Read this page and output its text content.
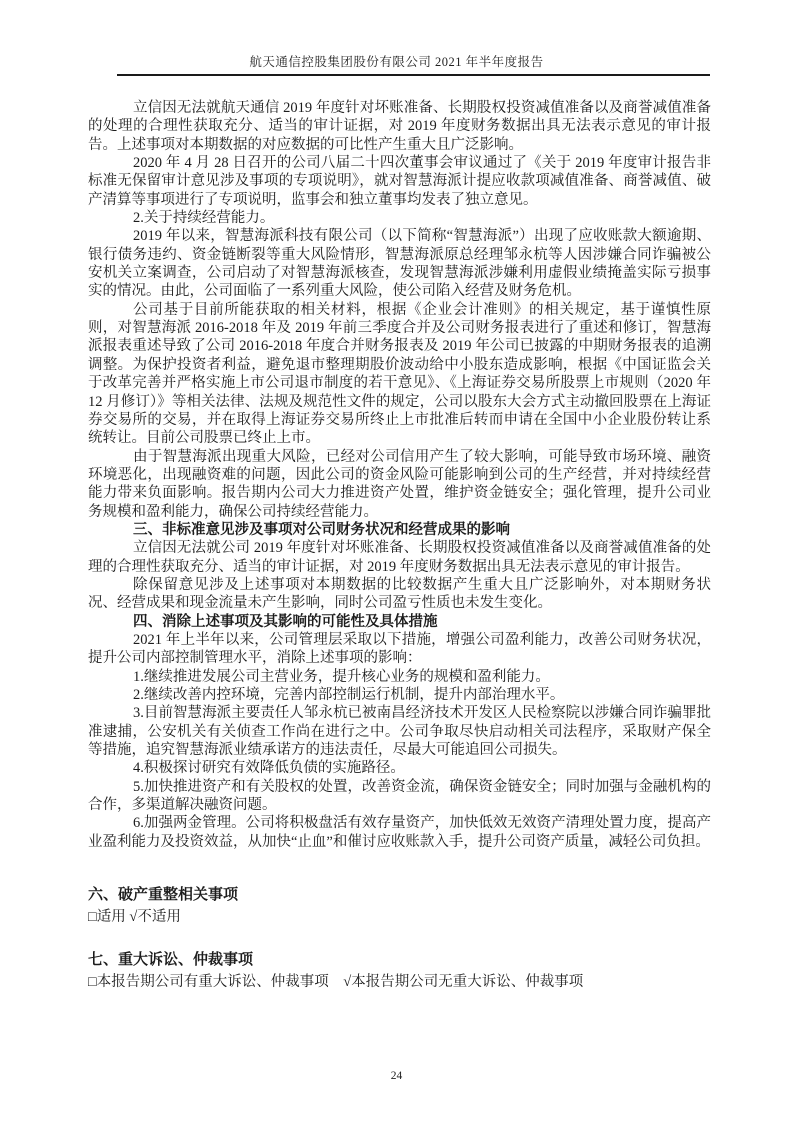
航天通信控股集团股份有限公司 2021 年半年度报告
立信因无法就航天通信 2019 年度针对坏账准备、长期股权投资减值准备以及商誉减值准备的处理的合理性获取充分、适当的审计证据，对 2019 年度财务数据出具无法表示意见的审计报告。上述事项对本期数据的对应数据的可比性产生重大且广泛影响。
2020 年 4 月 28 日召开的公司八届二十四次董事会审议通过了《关于 2019 年度审计报告非标准无保留审计意见涉及事项的专项说明》，就对智慧海派计提应收款项减值准备、商誉减值、破产清算等事项进行了专项说明，监事会和独立董事均发表了独立意见。
2.关于持续经营能力。
2019 年以来，智慧海派科技有限公司（以下简称“智慧海派”）出现了应收账款大额逾期、银行债务违约、资金链断裂等重大风险情形，智慧海派原总经理邹永杭等人因涉嫌合同诈骗被公安机关立案调查，公司启动了对智慧海派核查，发现智慧海派涉嫌利用虚假业绩掩盖实际亏损事实的情况。由此，公司面临了一系列重大风险，使公司陷入经营及财务危机。
公司基于目前所能获取的相关材料，根据《企业会计准则》的相关规定，基于谨慎性原则，对智慧海派 2016-2018 年及 2019 年前三季度合并及公司财务报表进行了重述和修订，智慧海派报表重述导致了公司 2016-2018 年度合并财务报表及 2019 年公司已披露的中期财务报表的追溯调整。为保护投资者利益，避免退市整理期股价波动给中小股东造成影响，根据《中国证监会关于改革完善并严格实施上市公司退市制度的若干意见》、《上海证券交易所股票上市规则（2020 年 12 月修订）》等相关法律、法规及规范性文件的规定，公司以股东大会方式主动撤回股票在上海证券交易所的交易，并在取得上海证券交易所终止上市批准后转而申请在全国中小企业股份转让系统转让。目前公司股票已终止上市。
由于智慧海派出现重大风险，已经对公司信用产生了较大影响，可能导致市场环境、融资环境恶化，出现融资难的问题，因此公司的资金风险可能影响到公司的生产经营，并对持续经营能力带来负面影响。报告期内公司大力推进资产处置，维护资金链安全；强化管理，提升公司业务规模和盈利能力，确保公司持续经营能力。
三、非标准意见涉及事项对公司财务状况和经营成果的影响
立信因无法就公司 2019 年度针对坏账准备、长期股权投资减值准备以及商誉减值准备的处理的合理性获取充分、适当的审计证据，对 2019 年度财务数据出具无法表示意见的审计报告。
除保留意见涉及上述事项对本期数据的比较数据产生重大且广泛影响外，对本期财务状况、经营成果和现金流量未产生影响，同时公司盈亏性质也未发生变化。
四、消除上述事项及其影响的可能性及具体措施
2021 年上半年以来，公司管理层采取以下措施，增强公司盈利能力，改善公司财务状况，提升公司内部控制管理水平，消除上述事项的影响：
1.继续推进发展公司主营业务，提升核心业务的规模和盈利能力。
2.继续改善内控环境，完善内部控制运行机制，提升内部治理水平。
3.目前智慧海派主要责任人邹永杭已被南昌经济技术开发区人民检察院以涉嫌合同诈骗罪批准逮捕，公安机关有关侦查工作尚在进行之中。公司争取尽快启动相关司法程序，采取财产保全等措施，追究智慧海派业绩承诺方的违法责任，尽最大可能追回公司损失。
4.积极探讨研究有效降低负债的实施路径。
5.加快推进资产和有关股权的处置，改善资金流，确保资金链安全；同时加强与金融机构的合作，多渠道解决融资问题。
6.加强两金管理。公司将积极盘活有效存量资产，加快低效无效资产清理处置力度，提高产业盈利能力及投资效益，从加快“止血”和催讨应收账款入手，提升公司资产质量，减轻公司负担。
六、破产重整相关事项
□适用 √不适用
七、重大诉讼、仲裁事项
□本报告期公司有重大诉讼、仲裁事项　√本报告期公司无重大诉讼、仲裁事项
24
